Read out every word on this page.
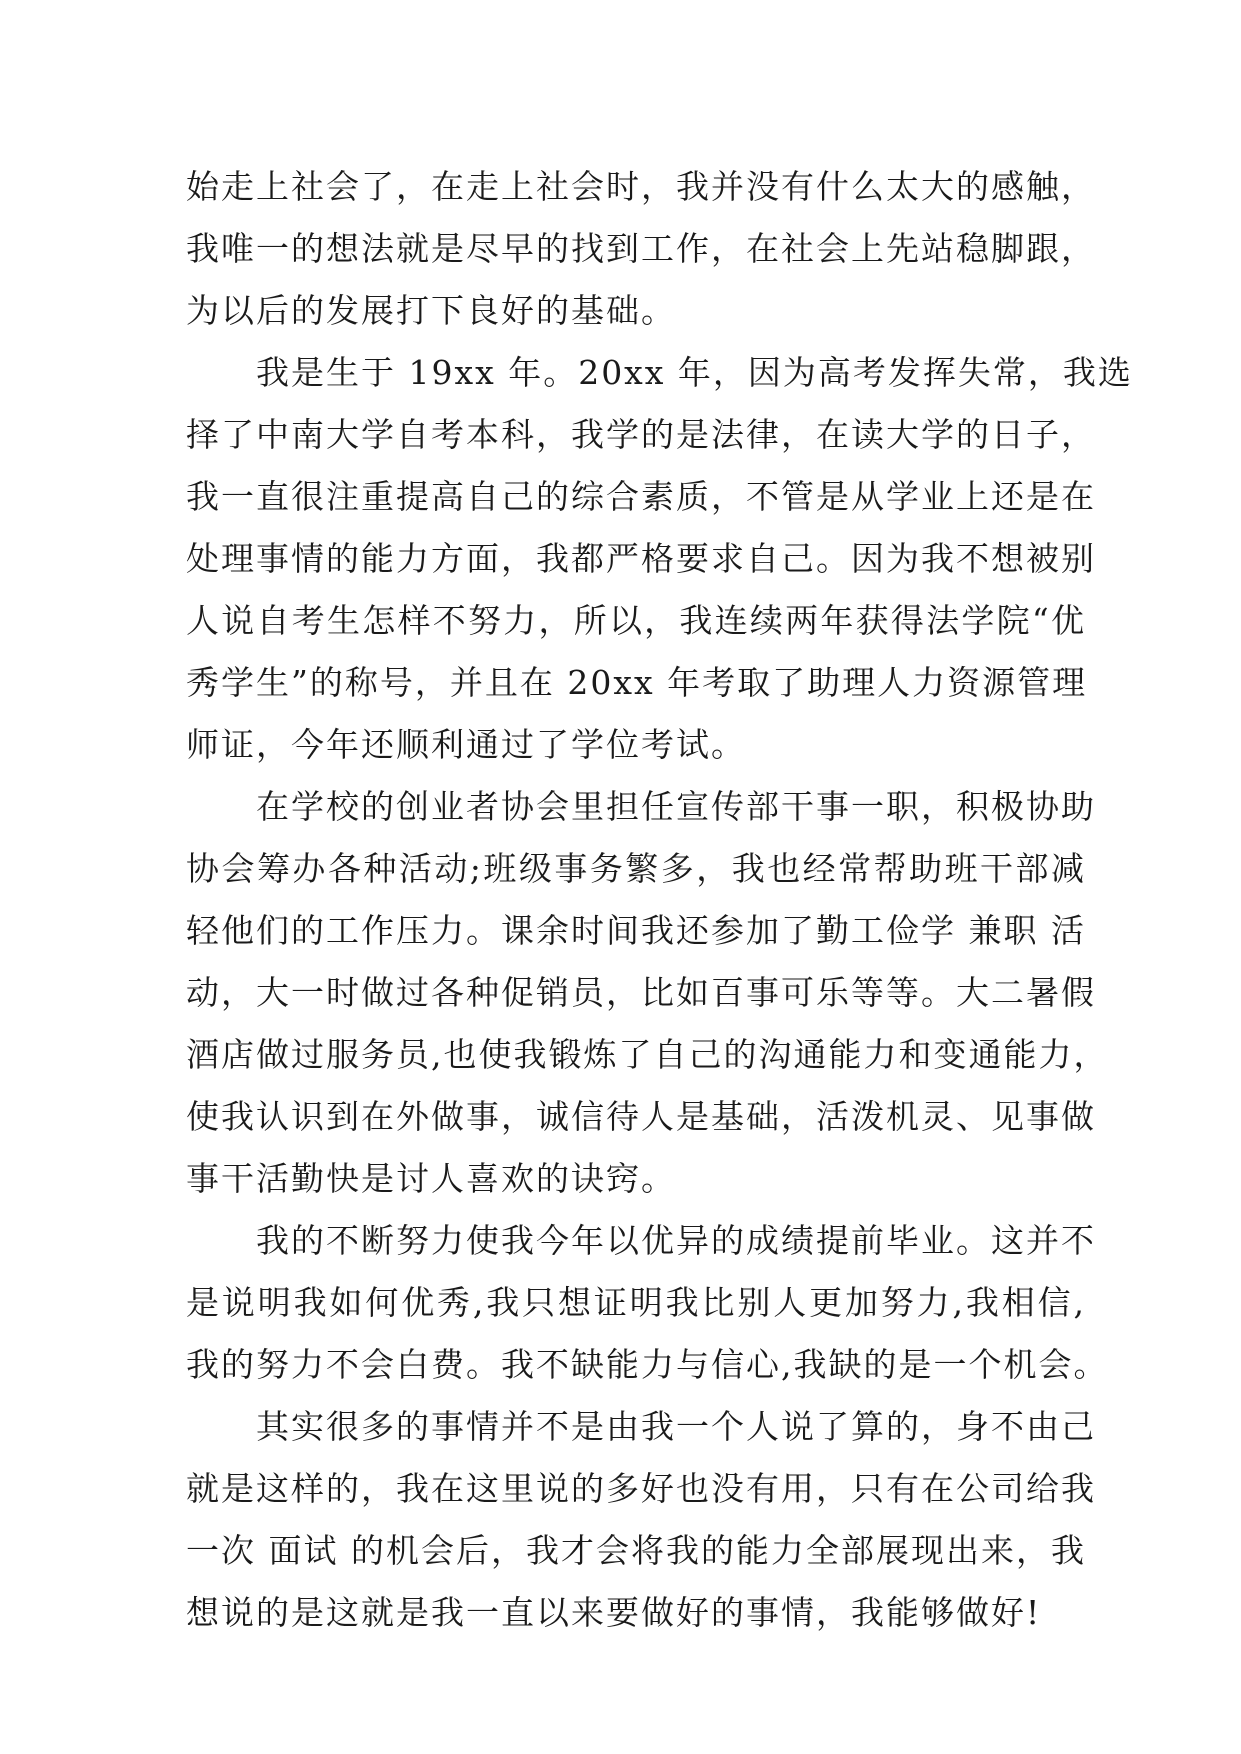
始走上社会了，在走上社会时，我并没有什么太大的感触，
我唯一的想法就是尽早的找到工作，在社会上先站稳脚跟，
为以后的发展打下良好的基础。
我是生于 19xx 年。20xx 年，因为高考发挥失常，我选
择了中南大学自考本科，我学的是法律，在读大学的日子，
我一直很注重提高自己的综合素质，不管是从学业上还是在
处理事情的能力方面，我都严格要求自己。因为我不想被别
人说自考生怎样不努力，所以，我连续两年获得法学院“优
秀学生”的称号，并且在 20xx 年考取了助理人力资源管理
师证，今年还顺利通过了学位考试。
在学校的创业者协会里担任宣传部干事一职，积极协助
协会筹办各种活动;班级事务繁多，我也经常帮助班干部减
轻他们的工作压力。课余时间我还参加了勤工俭学 兼职 活
动，大一时做过各种促销员，比如百事可乐等等。大二暑假
酒店做过服务员,也使我锻炼了自己的沟通能力和变通能力，
使我认识到在外做事，诚信待人是基础，活泼机灵、见事做
事干活勤快是讨人喜欢的诀窍。
我的不断努力使我今年以优异的成绩提前毕业。这并不
是说明我如何优秀,我只想证明我比别人更加努力,我相信,
我的努力不会白费。我不缺能力与信心,我缺的是一个机会。
其实很多的事情并不是由我一个人说了算的，身不由己
就是这样的，我在这里说的多好也没有用，只有在公司给我
一次 面试 的机会后，我才会将我的能力全部展现出来，我
想说的是这就是我一直以来要做好的事情，我能够做好!
